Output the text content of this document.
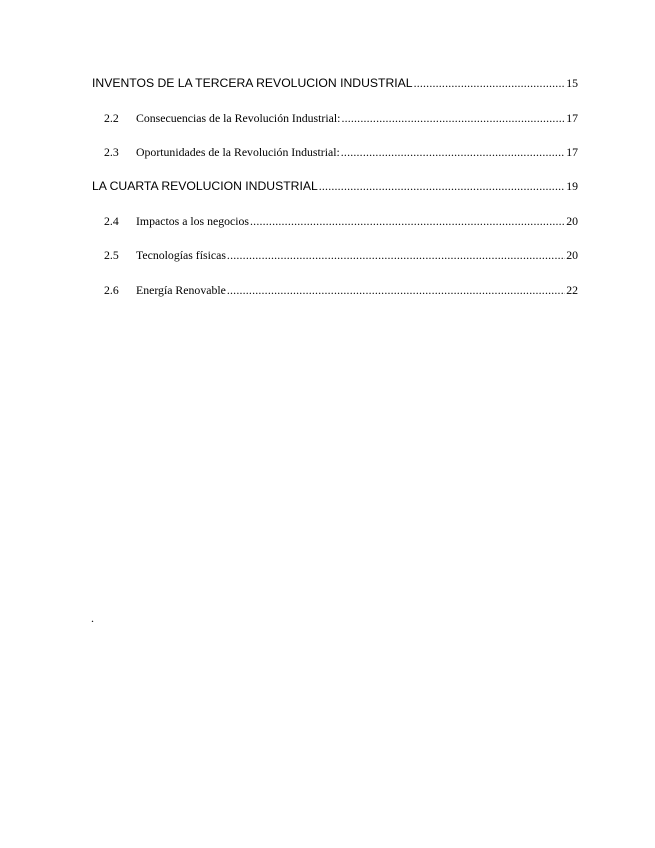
INVENTOS DE LA TERCERA REVOLUCION INDUSTRIAL .....	15
2.2	Consecuencias de la Revolución Industrial: .....	17
2.3	Oportunidades de la Revolución Industrial: .....	17
LA CUARTA REVOLUCION INDUSTRIAL .....	19
2.4	Impactos a los negocios .....	20
2.5	Tecnologías físicas .....	20
2.6	Energía Renovable .....	22
.
